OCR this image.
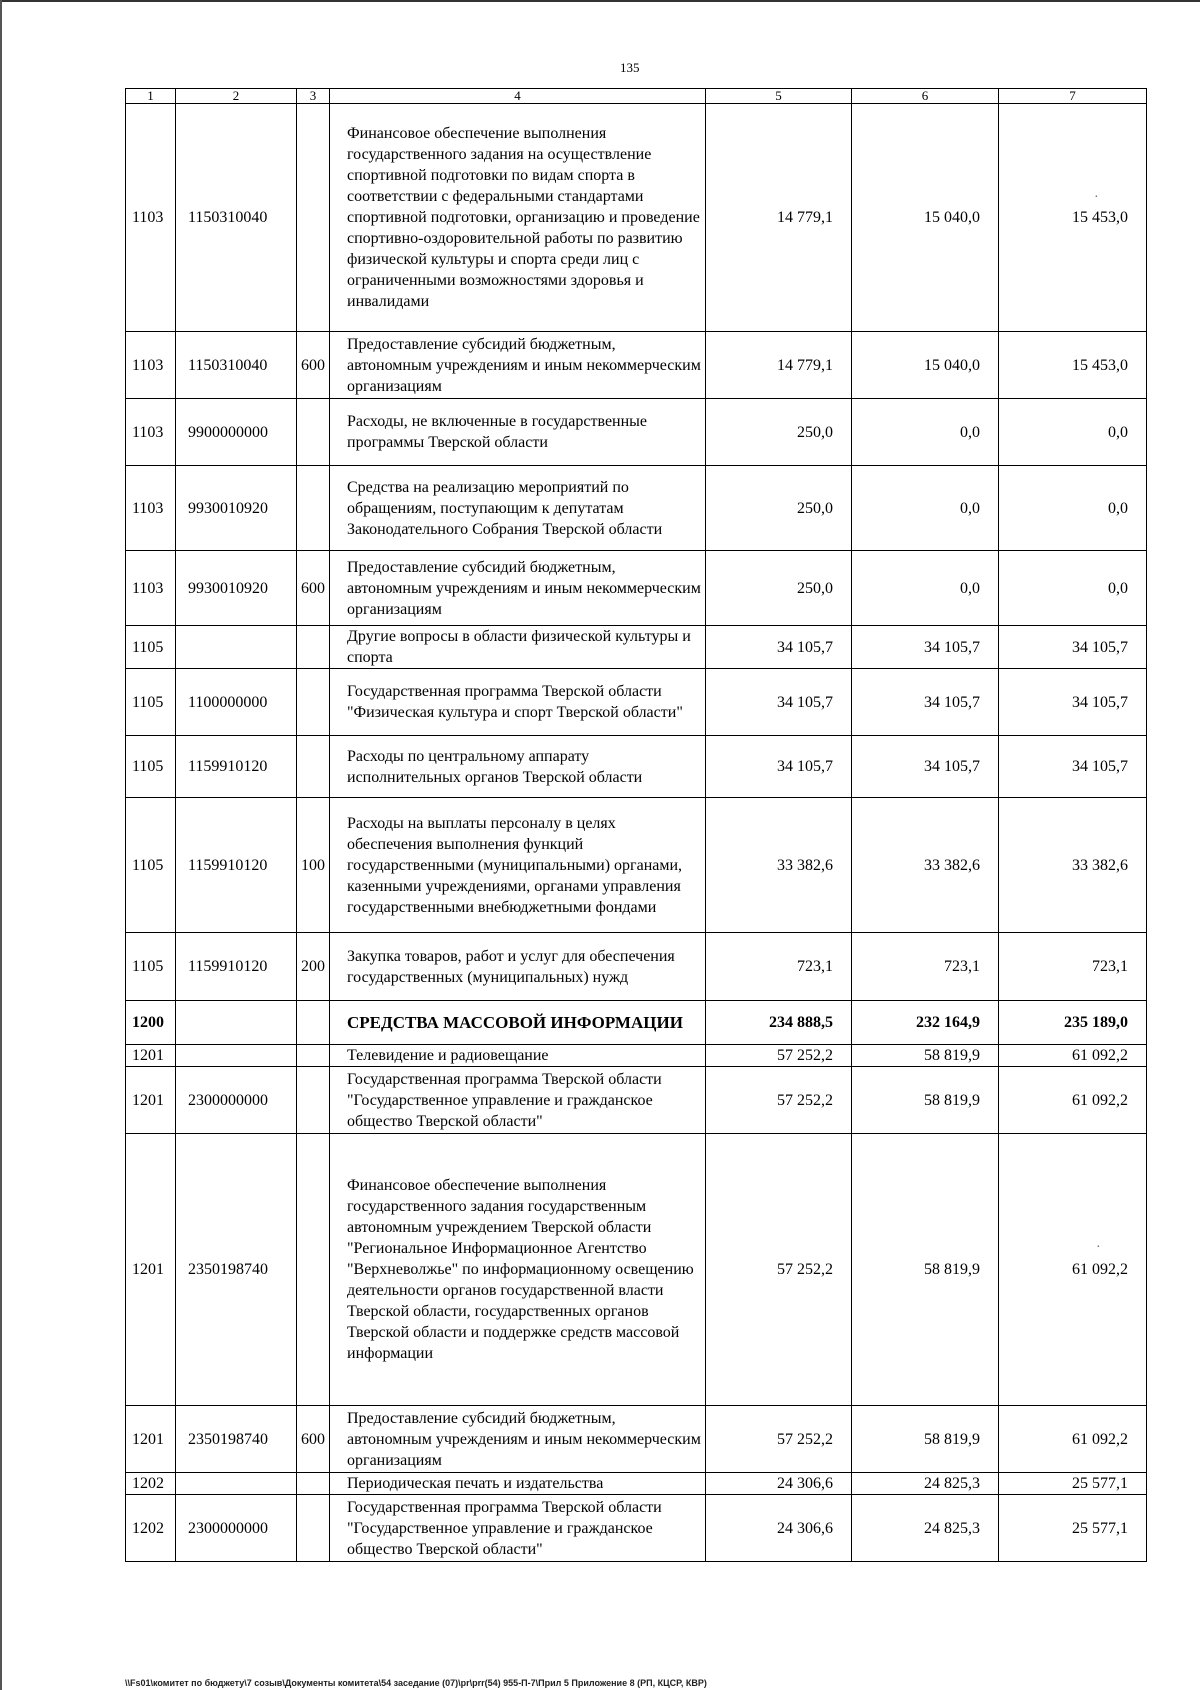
135
·
·
1	2	3	4	5	6	7
1103	1150310040		Финансовое обеспечение выполнения государственного задания на осуществление спортивной подготовки по видам спорта в соответствии с федеральными стандартами спортивной подготовки, организацию и проведение спортивно-оздоровительной работы по развитию физической культуры и спорта среди лиц с ограниченными возможностями здоровья и инвалидами	14 779,1	15 040,0	15 453,0
1103	1150310040	600	Предоставление субсидий бюджетным, автономным учреждениям и иным некоммерческим организациям	14 779,1	15 040,0	15 453,0
1103	9900000000		Расходы, не включенные в государственные программы Тверской области	250,0	0,0	0,0
1103	9930010920		Средства на реализацию мероприятий по обращениям, поступающим к депутатам Законодательного Собрания Тверской области	250,0	0,0	0,0
1103	9930010920	600	Предоставление субсидий бюджетным, автономным учреждениям и иным некоммерческим организациям	250,0	0,0	0,0
1105			Другие вопросы в области физической культуры и спорта	34 105,7	34 105,7	34 105,7
1105	1100000000		Государственная программа Тверской области "Физическая культура и спорт Тверской области"	34 105,7	34 105,7	34 105,7
1105	1159910120		Расходы по центральному аппарату исполнительных органов Тверской области	34 105,7	34 105,7	34 105,7
1105	1159910120	100	Расходы на выплаты персоналу в целях обеспечения выполнения функций государственными (муниципальными) органами, казенными учреждениями, органами управления государственными внебюджетными фондами	33 382,6	33 382,6	33 382,6
1105	1159910120	200	Закупка товаров, работ и услуг для обеспечения государственных (муниципальных) нужд	723,1	723,1	723,1
1200			СРЕДСТВА МАССОВОЙ ИНФОРМАЦИИ	234 888,5	232 164,9	235 189,0
1201			Телевидение и радиовещание	57 252,2	58 819,9	61 092,2
1201	2300000000		Государственная программа Тверской области "Государственное управление и гражданское общество Тверской области"	57 252,2	58 819,9	61 092,2
1201	2350198740		Финансовое обеспечение выполнения государственного задания государственным автономным учреждением Тверской области "Региональное Информационное Агентство "Верхневолжье" по информационному освещению деятельности органов государственной власти Тверской области, государственных органов Тверской области и поддержке средств массовой информации	57 252,2	58 819,9	61 092,2
1201	2350198740	600	Предоставление субсидий бюджетным, автономным учреждениям и иным некоммерческим организациям	57 252,2	58 819,9	61 092,2
1202			Периодическая печать и издательства	24 306,6	24 825,3	25 577,1
1202	2300000000		Государственная программа Тверской области "Государственное управление и гражданское общество Тверской области"	24 306,6	24 825,3	25 577,1
\\Fs01\комитет по бюджету\7 созыв\Документы комитета\54 заседание (07)\pr\prr(54) 955-П-7\Прил 5 Приложение 8 (РП, КЦСР, КВР)
